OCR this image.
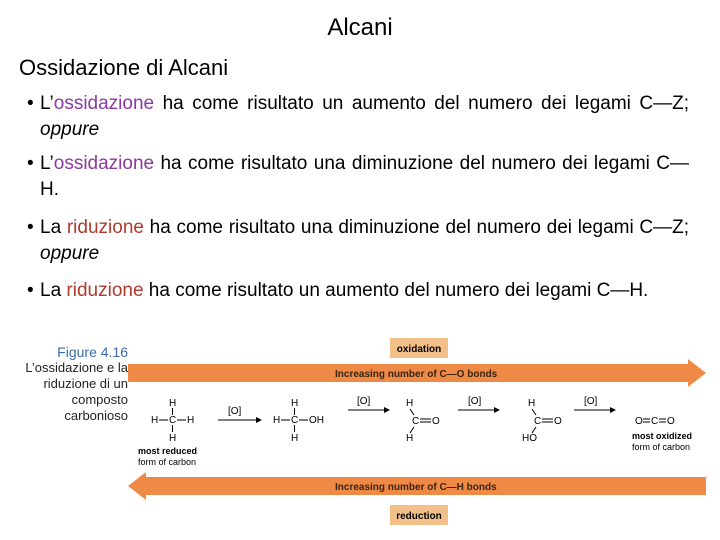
Alcani
Ossidazione di Alcani
• L’ossidazione ha come risultato un aumento del numero dei legami C—Z; oppure
• L’ossidazione ha come risultato una diminuzione del numero dei legami C—H.
• La riduzione ha come risultato una diminuzione del numero dei legami C—Z; oppure
• La riduzione ha come risultato un aumento del numero dei legami C—H.
Figure 4.16
L’ossidazione e la riduzione di un composto carbonioso
oxidation
Increasing number of C—O bonds
H
H C H
H
[O]
H
H C OH
H
[O]	H
C O
H
[O]	H
C O
HO
[O]
O C O
most reduced
form of carbon
most oxidized
form of carbon
Increasing number of C—H bonds
reduction
